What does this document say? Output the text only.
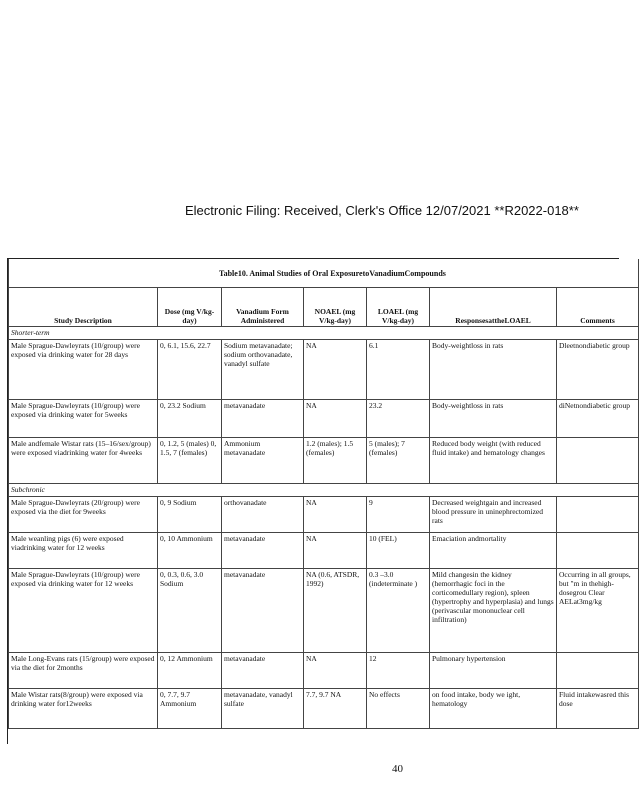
Electronic Filing: Received, Clerk's Office 12/07/2021 **R2022-018**
Table10. Animal Studies of Oral ExposuretoVanadiumCompounds						
Study Description	Dose (mg V/kg-day)	Vanadium Form Administered	NOAEL (mg V/kg-day)	LOAEL (mg V/kg-day)	ResponsesattheLOAEL	Comments
Shorter-term						
Male Sprague-Dawleyrats (10/group) were exposed via drinking water for 28 days	0, 6.1, 15.6, 22.7	Sodium metavanadate; sodium orthovanadate, vanadyl sulfate	NA	6.1	Body-weightloss in rats	Dleetnondiabetic group
Male Sprague-Dawleyrats (10/group) were exposed via drinking water for 5weeks	0, 23.2 Sodium	metavanadate	NA	23.2	Body-weightloss in rats	diNetnondiabetic group
Male andfemale Wistar rats (15–16/sex/group) were exposed viadrinking water for 4weeks	0, 1.2, 5 (males) 0, 1.5, 7 (females)	Ammonium metavanadate	1.2 (males); 1.5 (females)	5 (males); 7 (females)	Reduced body weight (with reduced fluid intake) and hematology changes	
Subchronic						
Male Sprague-Dawleyrats (20/group) were exposed via the diet for 9weeks	0, 9 Sodium	orthovanadate	NA	9	Decreased weightgain and increased blood pressure in uninephrectomized rats	
Male weanling pigs (6) were exposed viadrinking water for 12 weeks	0, 10 Ammonium	metavanadate	NA	10 (FEL)	Emaciation andmortality	
Male Sprague-Dawleyrats (10/group) were exposed via drinking water for 12 weeks	0, 0.3, 0.6, 3.0 Sodium	metavanadate	NA (0.6, ATSDR, 1992)	0.3 –3.0 (indeterminate )	Mild changesin the kidney (hemorrhagic foci in the corticomedullary region), spleen (hypertrophy and hyperplasia) and lungs (perivascular mononuclear cell infiltration)	Occurring in all groups, but "m in thehigh-dosegrou Clear AELat3mg/kg
Male Long-Evans rats (15/group) were exposed via the diet for 2months	0, 12 Ammonium	metavanadate	NA	12	Pulmonary hypertension	
Male Wistar rats(8/group) were exposed via drinking water for12weeks	0, 7.7, 9.7 Ammonium	metavanadate, vanadyl sulfate	7.7, 9.7 NA	No effects	on food intake, body we ight, hematology	Fluid intakewasred this dose
40
